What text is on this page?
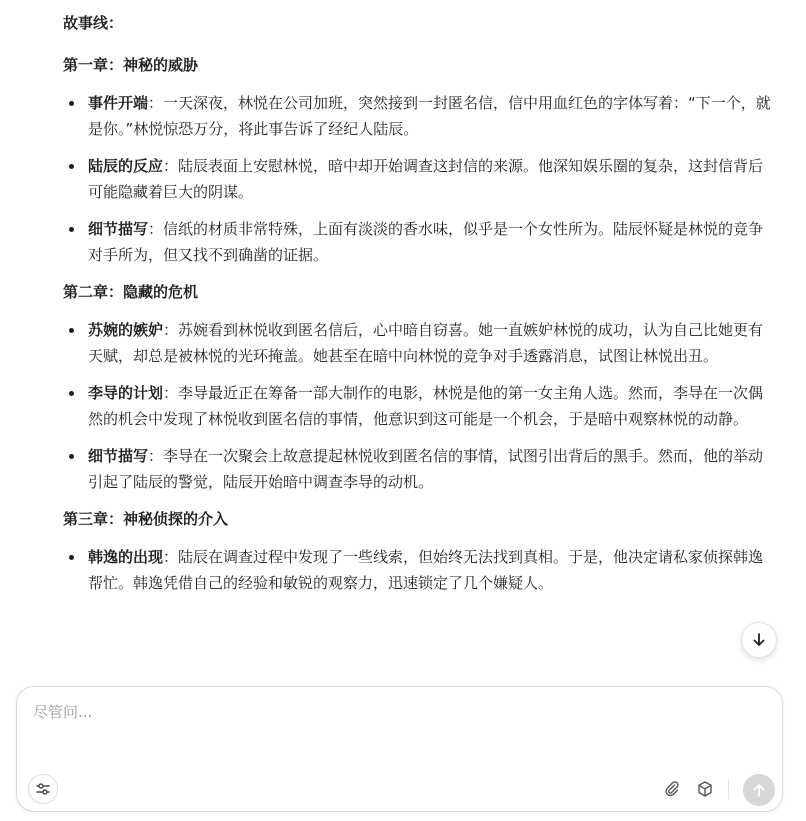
故事线：

第一章：神秘的威胁

事件开端：一天深夜，林悦在公司加班，突然接到一封匿名信，信中用血红色的字体写着：“下一个，就是你。”林悦惊恐万分，将此事告诉了经纪人陆辰。
陆辰的反应：陆辰表面上安慰林悦，暗中却开始调查这封信的来源。他深知娱乐圈的复杂，这封信背后可能隐藏着巨大的阴谋。
细节描写：信纸的材质非常特殊，上面有淡淡的香水味，似乎是一个女性所为。陆辰怀疑是林悦的竞争对手所为，但又找不到确凿的证据。

第二章：隐藏的危机

苏婉的嫉妒：苏婉看到林悦收到匿名信后，心中暗自窃喜。她一直嫉妒林悦的成功，认为自己比她更有天赋，却总是被林悦的光环掩盖。她甚至在暗中向林悦的竞争对手透露消息，试图让林悦出丑。
李导的计划：李导最近正在筹备一部大制作的电影，林悦是他的第一女主角人选。然而，李导在一次偶然的机会中发现了林悦收到匿名信的事情，他意识到这可能是一个机会，于是暗中观察林悦的动静。
细节描写：李导在一次聚会上故意提起林悦收到匿名信的事情，试图引出背后的黑手。然而，他的举动引起了陆辰的警觉，陆辰开始暗中调查李导的动机。

第三章：神秘侦探的介入

韩逸的出现：陆辰在调查过程中发现了一些线索，但始终无法找到真相。于是，他决定请私家侦探韩逸帮忙。韩逸凭借自己的经验和敏锐的观察力，迅速锁定了几个嫌疑人。
尽管问...
